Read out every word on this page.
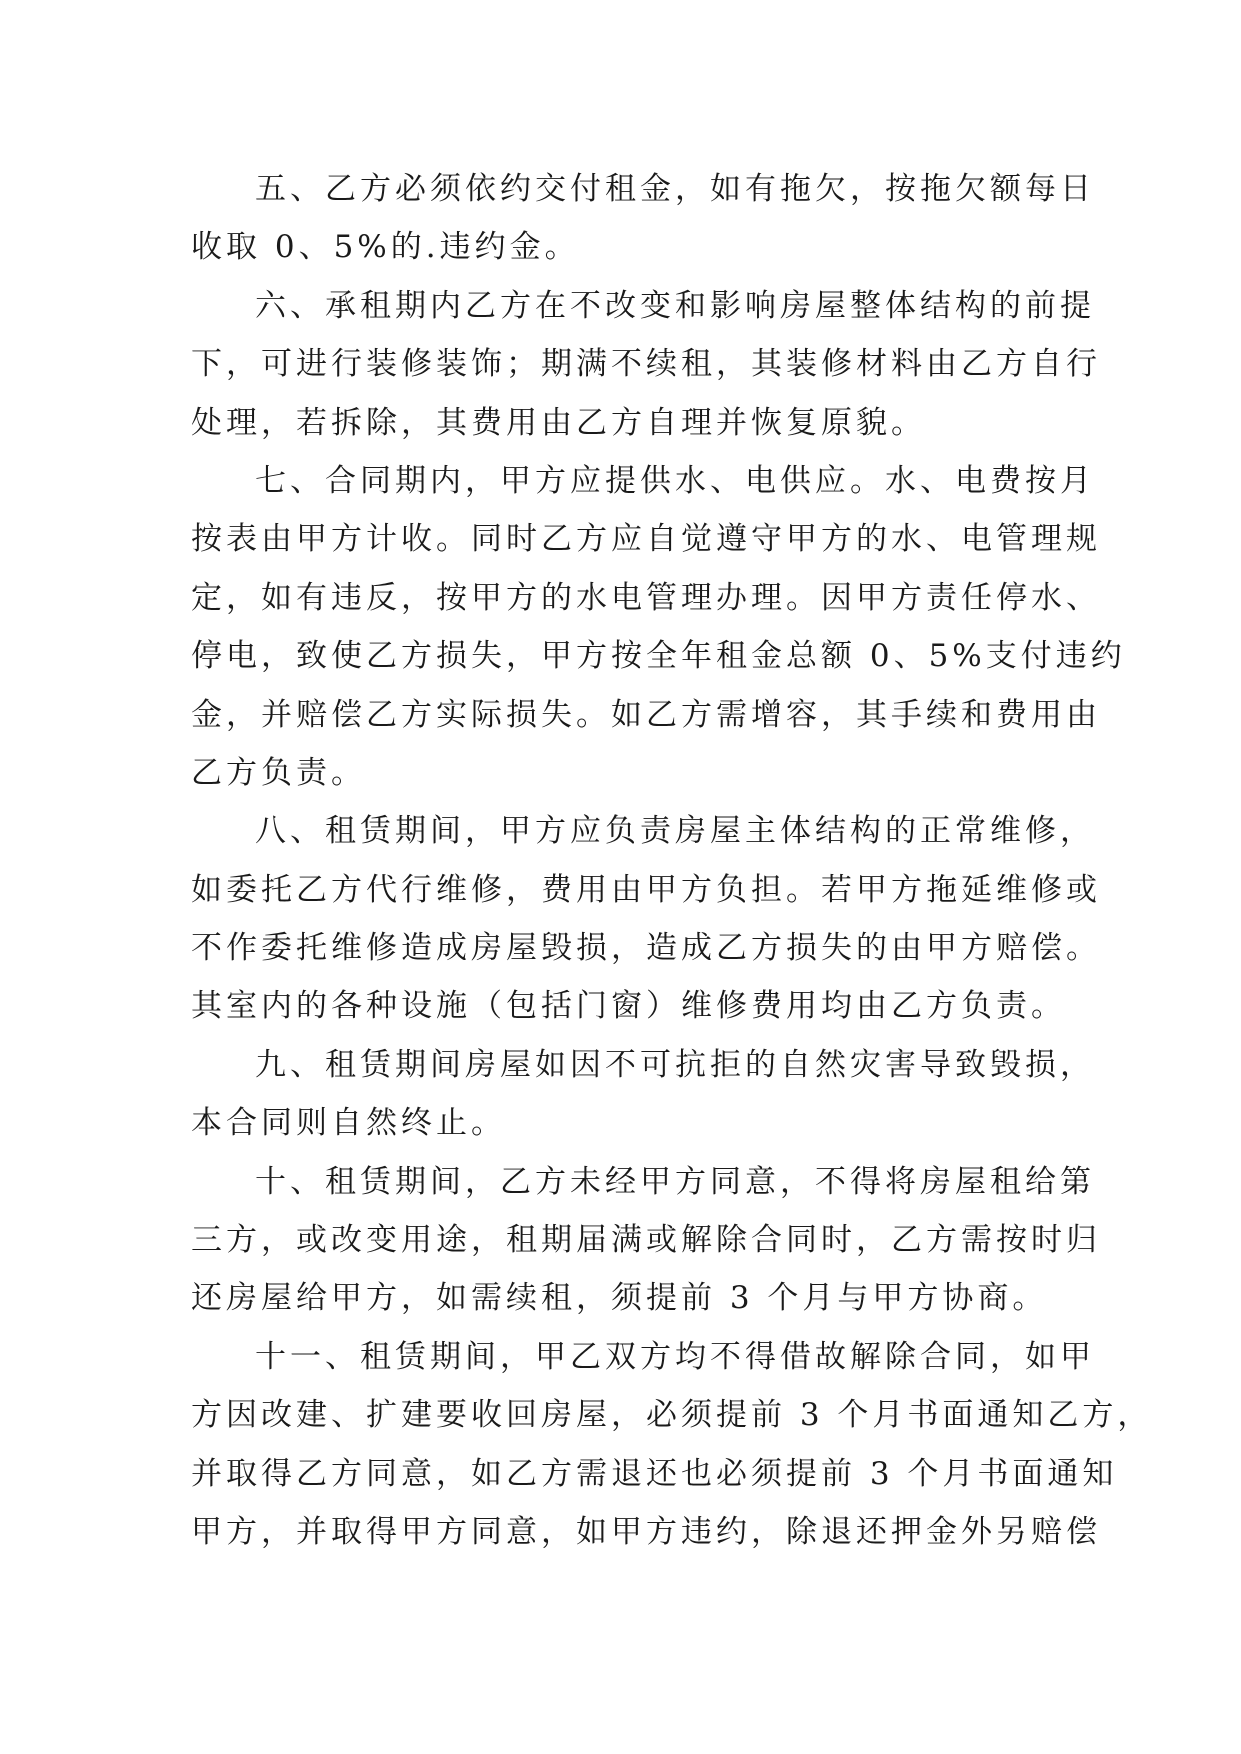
五、乙方必须依约交付租金，如有拖欠，按拖欠额每日
收取 0、5%的.违约金。
六、承租期内乙方在不改变和影响房屋整体结构的前提
下，可进行装修装饰；期满不续租，其装修材料由乙方自行
处理，若拆除，其费用由乙方自理并恢复原貌。
七、合同期内，甲方应提供水、电供应。水、电费按月
按表由甲方计收。同时乙方应自觉遵守甲方的水、电管理规
定，如有违反，按甲方的水电管理办理。因甲方责任停水、
停电，致使乙方损失，甲方按全年租金总额 0、5%支付违约
金，并赔偿乙方实际损失。如乙方需增容，其手续和费用由
乙方负责。
八、租赁期间，甲方应负责房屋主体结构的正常维修，
如委托乙方代行维修，费用由甲方负担。若甲方拖延维修或
不作委托维修造成房屋毁损，造成乙方损失的由甲方赔偿。
其室内的各种设施（包括门窗）维修费用均由乙方负责。
九、租赁期间房屋如因不可抗拒的自然灾害导致毁损，
本合同则自然终止。
十、租赁期间，乙方未经甲方同意，不得将房屋租给第
三方，或改变用途，租期届满或解除合同时，乙方需按时归
还房屋给甲方，如需续租，须提前 3 个月与甲方协商。
十一、租赁期间，甲乙双方均不得借故解除合同，如甲
方因改建、扩建要收回房屋，必须提前 3 个月书面通知乙方，
并取得乙方同意，如乙方需退还也必须提前 3 个月书面通知
甲方，并取得甲方同意，如甲方违约，除退还押金外另赔偿
